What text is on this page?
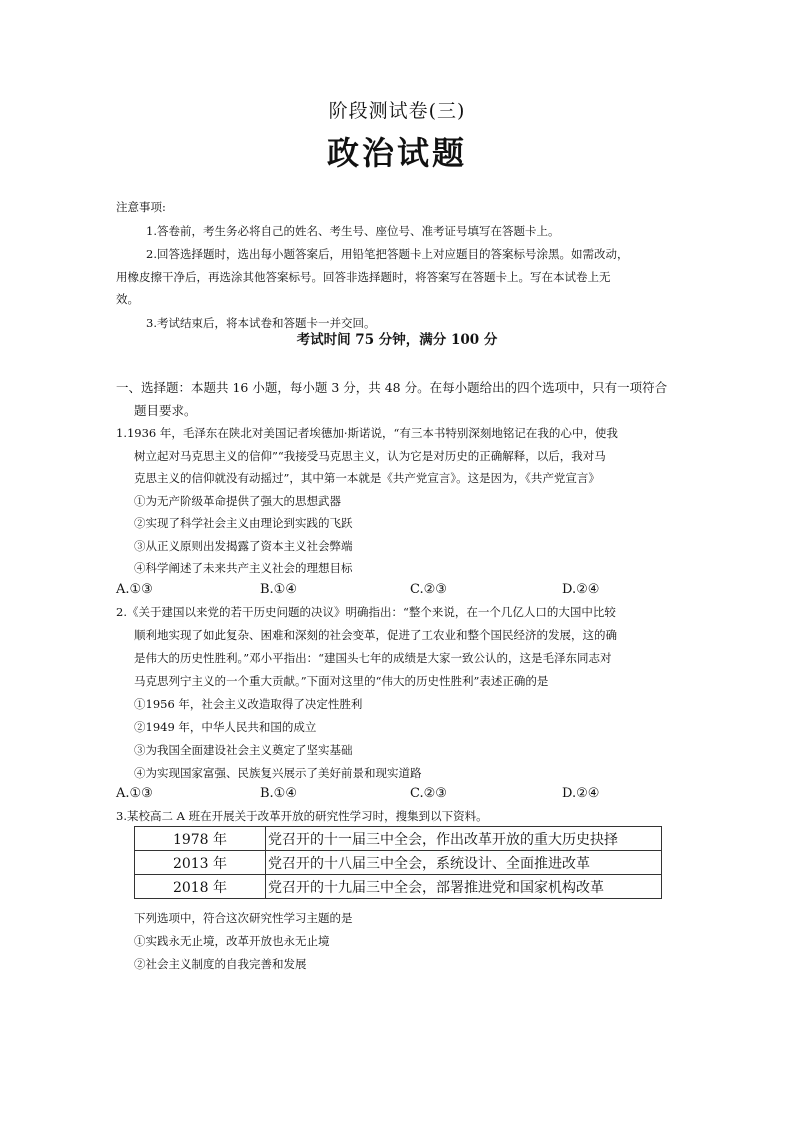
阶段测试卷(三)
政治试题
注意事项:
1.答卷前，考生务必将自己的姓名、考生号、座位号、准考证号填写在答题卡上。
2.回答选择题时，选出每小题答案后，用铅笔把答题卡上对应题目的答案标号涂黑。如需改动，
用橡皮擦干净后，再选涂其他答案标号。回答非选择题时，将答案写在答题卡上。写在本试卷上无
效。
3.考试结束后，将本试卷和答题卡一并交回。
考试时间 75 分钟，满分 100 分
一、选择题：本题共 16 小题，每小题 3 分，共 48 分。在每小题给出的四个选项中，只有一项符合
题目要求。
1.1936 年，毛泽东在陕北对美国记者埃德加·斯诺说，“有三本书特别深刻地铭记在我的心中，使我
树立起对马克思主义的信仰”“我接受马克思主义，认为它是对历史的正确解释，以后，我对马
克思主义的信仰就没有动摇过”，其中第一本就是《共产党宣言》。这是因为，《共产党宣言》
①为无产阶级革命提供了强大的思想武器
②实现了科学社会主义由理论到实践的飞跃
③从正义原则出发揭露了资本主义社会弊端
④科学阐述了未来共产主义社会的理想目标
A.①③	B.①④	C.②③	D.②④
2.《关于建国以来党的若干历史问题的决议》明确指出：“整个来说，在一个几亿人口的大国中比较
顺利地实现了如此复杂、困难和深刻的社会变革，促进了工农业和整个国民经济的发展，这的确
是伟大的历史性胜利。”邓小平指出：“建国头七年的成绩是大家一致公认的，这是毛泽东同志对
马克思列宁主义的一个重大贡献。”下面对这里的“伟大的历史性胜利”表述正确的是
①1956 年，社会主义改造取得了决定性胜利
②1949 年，中华人民共和国的成立
③为我国全面建设社会主义奠定了坚实基础
④为实现国家富强、民族复兴展示了美好前景和现实道路
A.①③	B.①④	C.②③	D.②④
3.某校高二 A 班在开展关于改革开放的研究性学习时，搜集到以下资料。
1978 年	党召开的十一届三中全会，作出改革开放的重大历史抉择
2013 年	党召开的十八届三中全会，系统设计、全面推进改革
2018 年	党召开的十九届三中全会，部署推进党和国家机构改革
下列选项中，符合这次研究性学习主题的是
①实践永无止境，改革开放也永无止境
②社会主义制度的自我完善和发展
